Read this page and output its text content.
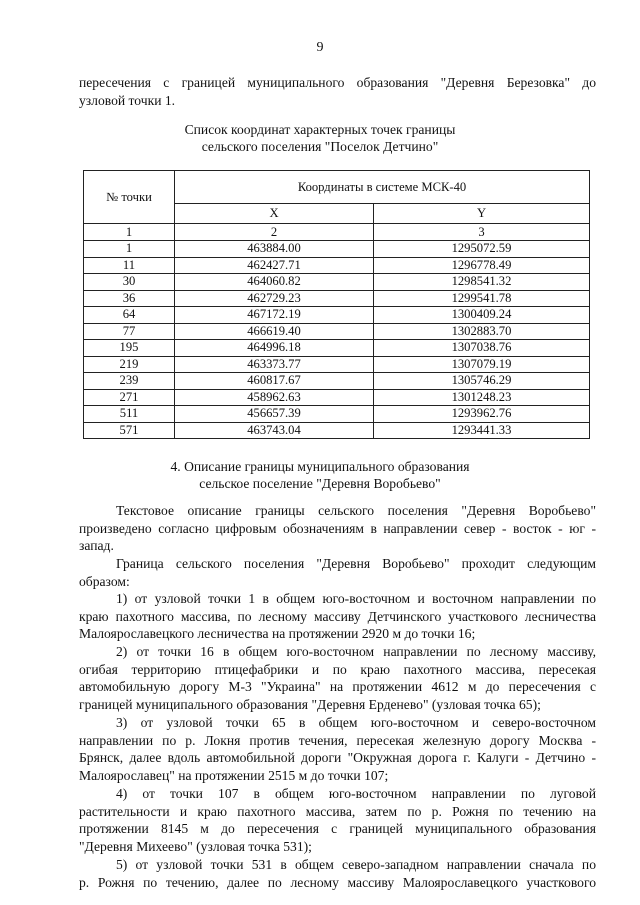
9
пересечения с границей муниципального образования "Деревня Березовка" до
узловой точки 1.
Список координат характерных точек границы
сельского поселения "Поселок Детчино"
№ точки	Координаты в системе МСК-40	
	X	Y
1	2	3
1	463884.00	1295072.59
11	462427.71	1296778.49
30	464060.82	1298541.32
36	462729.23	1299541.78
64	467172.19	1300409.24
77	466619.40	1302883.70
195	464996.18	1307038.76
219	463373.77	1307079.19
239	460817.67	1305746.29
271	458962.63	1301248.23
511	456657.39	1293962.76
571	463743.04	1293441.33
4. Описание границы муниципального образования
сельское поселение "Деревня Воробьево"
Текстовое описание границы сельского поселения "Деревня Воробьево"
произведено согласно цифровым обозначениям в направлении север - восток - юг -
запад.
Граница сельского поселения "Деревня Воробьево" проходит следующим
образом:
1) от узловой точки 1 в общем юго-восточном и восточном направлении по
краю пахотного массива, по лесному массиву Детчинского участкового лесничества
Малоярославецкого лесничества на протяжении 2920 м до точки 16;
2) от точки 16 в общем юго-восточном направлении по лесному массиву,
огибая территорию птицефабрики и по краю пахотного массива, пересекая
автомобильную дорогу М-3 "Украина" на протяжении 4612 м до пересечения с
границей муниципального образования "Деревня Ерденево" (узловая точка 65);
3) от узловой точки 65 в общем юго-восточном и северо-восточном
направлении по р. Локня против течения, пересекая железную дорогу Москва -
Брянск, далее вдоль автомобильной дороги "Окружная дорога г. Калуги - Детчино -
Малоярославец" на протяжении 2515 м до точки 107;
4) от точки 107 в общем юго-восточном направлении по луговой
растительности и краю пахотного массива, затем по р. Рожня по течению на
протяжении 8145 м до пересечения с границей муниципального образования
"Деревня Михеево" (узловая точка 531);
5) от узловой точки 531 в общем северо-западном направлении сначала по
р. Рожня по течению, далее по лесному массиву Малоярославецкого участкового
